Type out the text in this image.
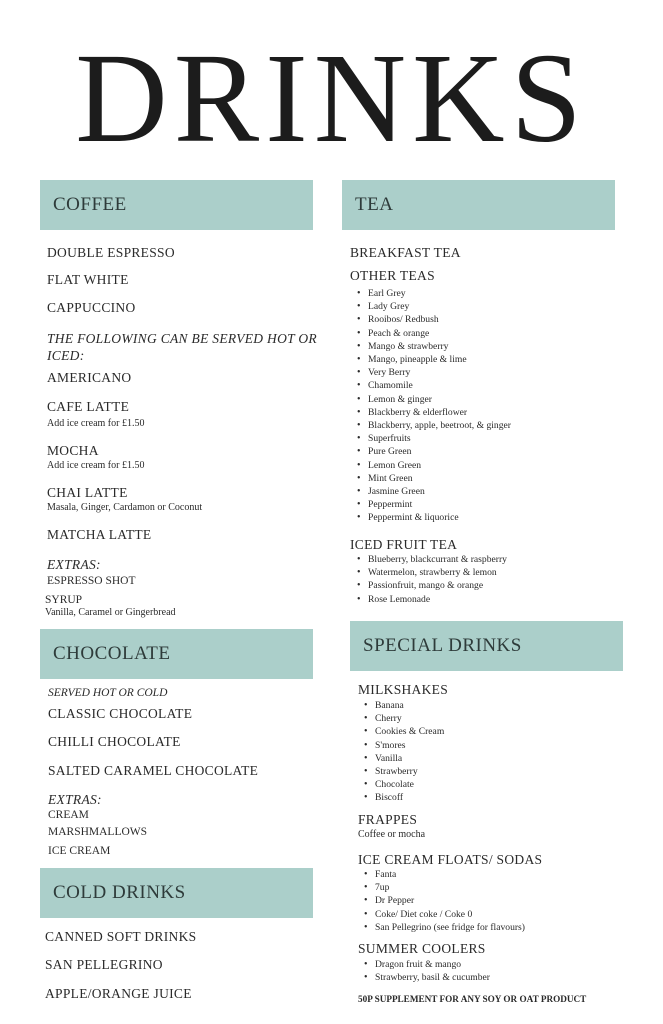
DRINKS
COFFEE
DOUBLE ESPRESSO
FLAT WHITE
CAPPUCCINO
THE FOLLOWING CAN BE SERVED HOT OR ICED:
AMERICANO
CAFE LATTE
Add ice cream for £1.50
MOCHA
Add ice cream for £1.50
CHAI LATTE
Masala, Ginger, Cardamon or Coconut
MATCHA LATTE
EXTRAS:
ESPRESSO SHOT
SYRUP
Vanilla, Caramel or Gingerbread
CHOCOLATE
SERVED HOT OR COLD
CLASSIC CHOCOLATE
CHILLI CHOCOLATE
SALTED CARAMEL CHOCOLATE
EXTRAS:
CREAM
MARSHMALLOWS
ICE CREAM
COLD DRINKS
CANNED SOFT DRINKS
SAN PELLEGRINO
APPLE/ORANGE JUICE
TEA
BREAKFAST TEA
OTHER TEAS
• Earl Grey
• Lady Grey
• Rooibos/ Redbush
• Peach & orange
• Mango & strawberry
• Mango, pineapple & lime
• Very Berry
• Chamomile
• Lemon & ginger
• Blackberry & elderflower
• Blackberry, apple, beetroot, & ginger
• Superfruits
• Pure Green
• Lemon Green
• Mint Green
• Jasmine Green
• Peppermint
• Peppermint & liquorice
ICED FRUIT TEA
• Blueberry, blackcurrant & raspberry
• Watermelon, strawberry & lemon
• Passionfruit, mango & orange
• Rose Lemonade
SPECIAL DRINKS
MILKSHAKES
• Banana
• Cherry
• Cookies & Cream
• S'mores
• Vanilla
• Strawberry
• Chocolate
• Biscoff
FRAPPES
Coffee or mocha
ICE CREAM FLOATS/ SODAS
• Fanta
• 7up
• Dr Pepper
• Coke/ Diet coke / Coke 0
• San Pellegrino (see fridge for flavours)
SUMMER COOLERS
• Dragon fruit & mango
• Strawberry, basil & cucumber
50P SUPPLEMENT FOR ANY SOY OR OAT PRODUCT
